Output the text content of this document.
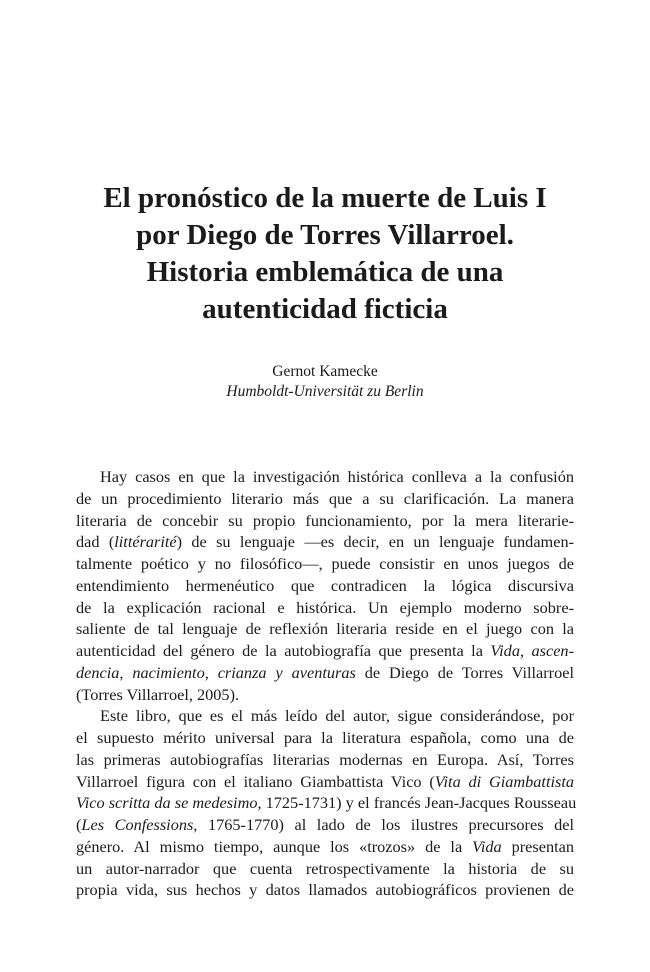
El pronóstico de la muerte de Luis I
por Diego de Torres Villarroel.
Historia emblemática de una
autenticidad ficticia
Gernot Kamecke
Humboldt-Universität zu Berlin
Hay casos en que la investigación histórica conlleva a la confusión
de un procedimiento literario más que a su clarificación. La manera
literaria de concebir su propio funcionamiento, por la mera literarie-
dad (littérarité) de su lenguaje —es decir, en un lenguaje fundamen-
talmente poético y no filosófico—, puede consistir en unos juegos de
entendimiento hermenéutico que contradicen la lógica discursiva
de la explicación racional e histórica. Un ejemplo moderno sobre-
saliente de tal lenguaje de reflexión literaria reside en el juego con la
autenticidad del género de la autobiografía que presenta la Vida, ascen-
dencia, nacimiento, crianza y aventuras de Diego de Torres Villarroel
(Torres Villarroel, 2005).
Este libro, que es el más leído del autor, sigue considerándose, por
el supuesto mérito universal para la literatura española, como una de
las primeras autobiografías literarias modernas en Europa. Así, Torres
Villarroel figura con el italiano Giambattista Vico (Vita di Giambattista
Vico scritta da se medesimo, 1725-1731) y el francés Jean-Jacques Rousseau
(Les Confessions, 1765-1770) al lado de los ilustres precursores del
género. Al mismo tiempo, aunque los «trozos» de la Vida presentan
un autor-narrador que cuenta retrospectivamente la historia de su
propia vida, sus hechos y datos llamados autobiográficos provienen de
